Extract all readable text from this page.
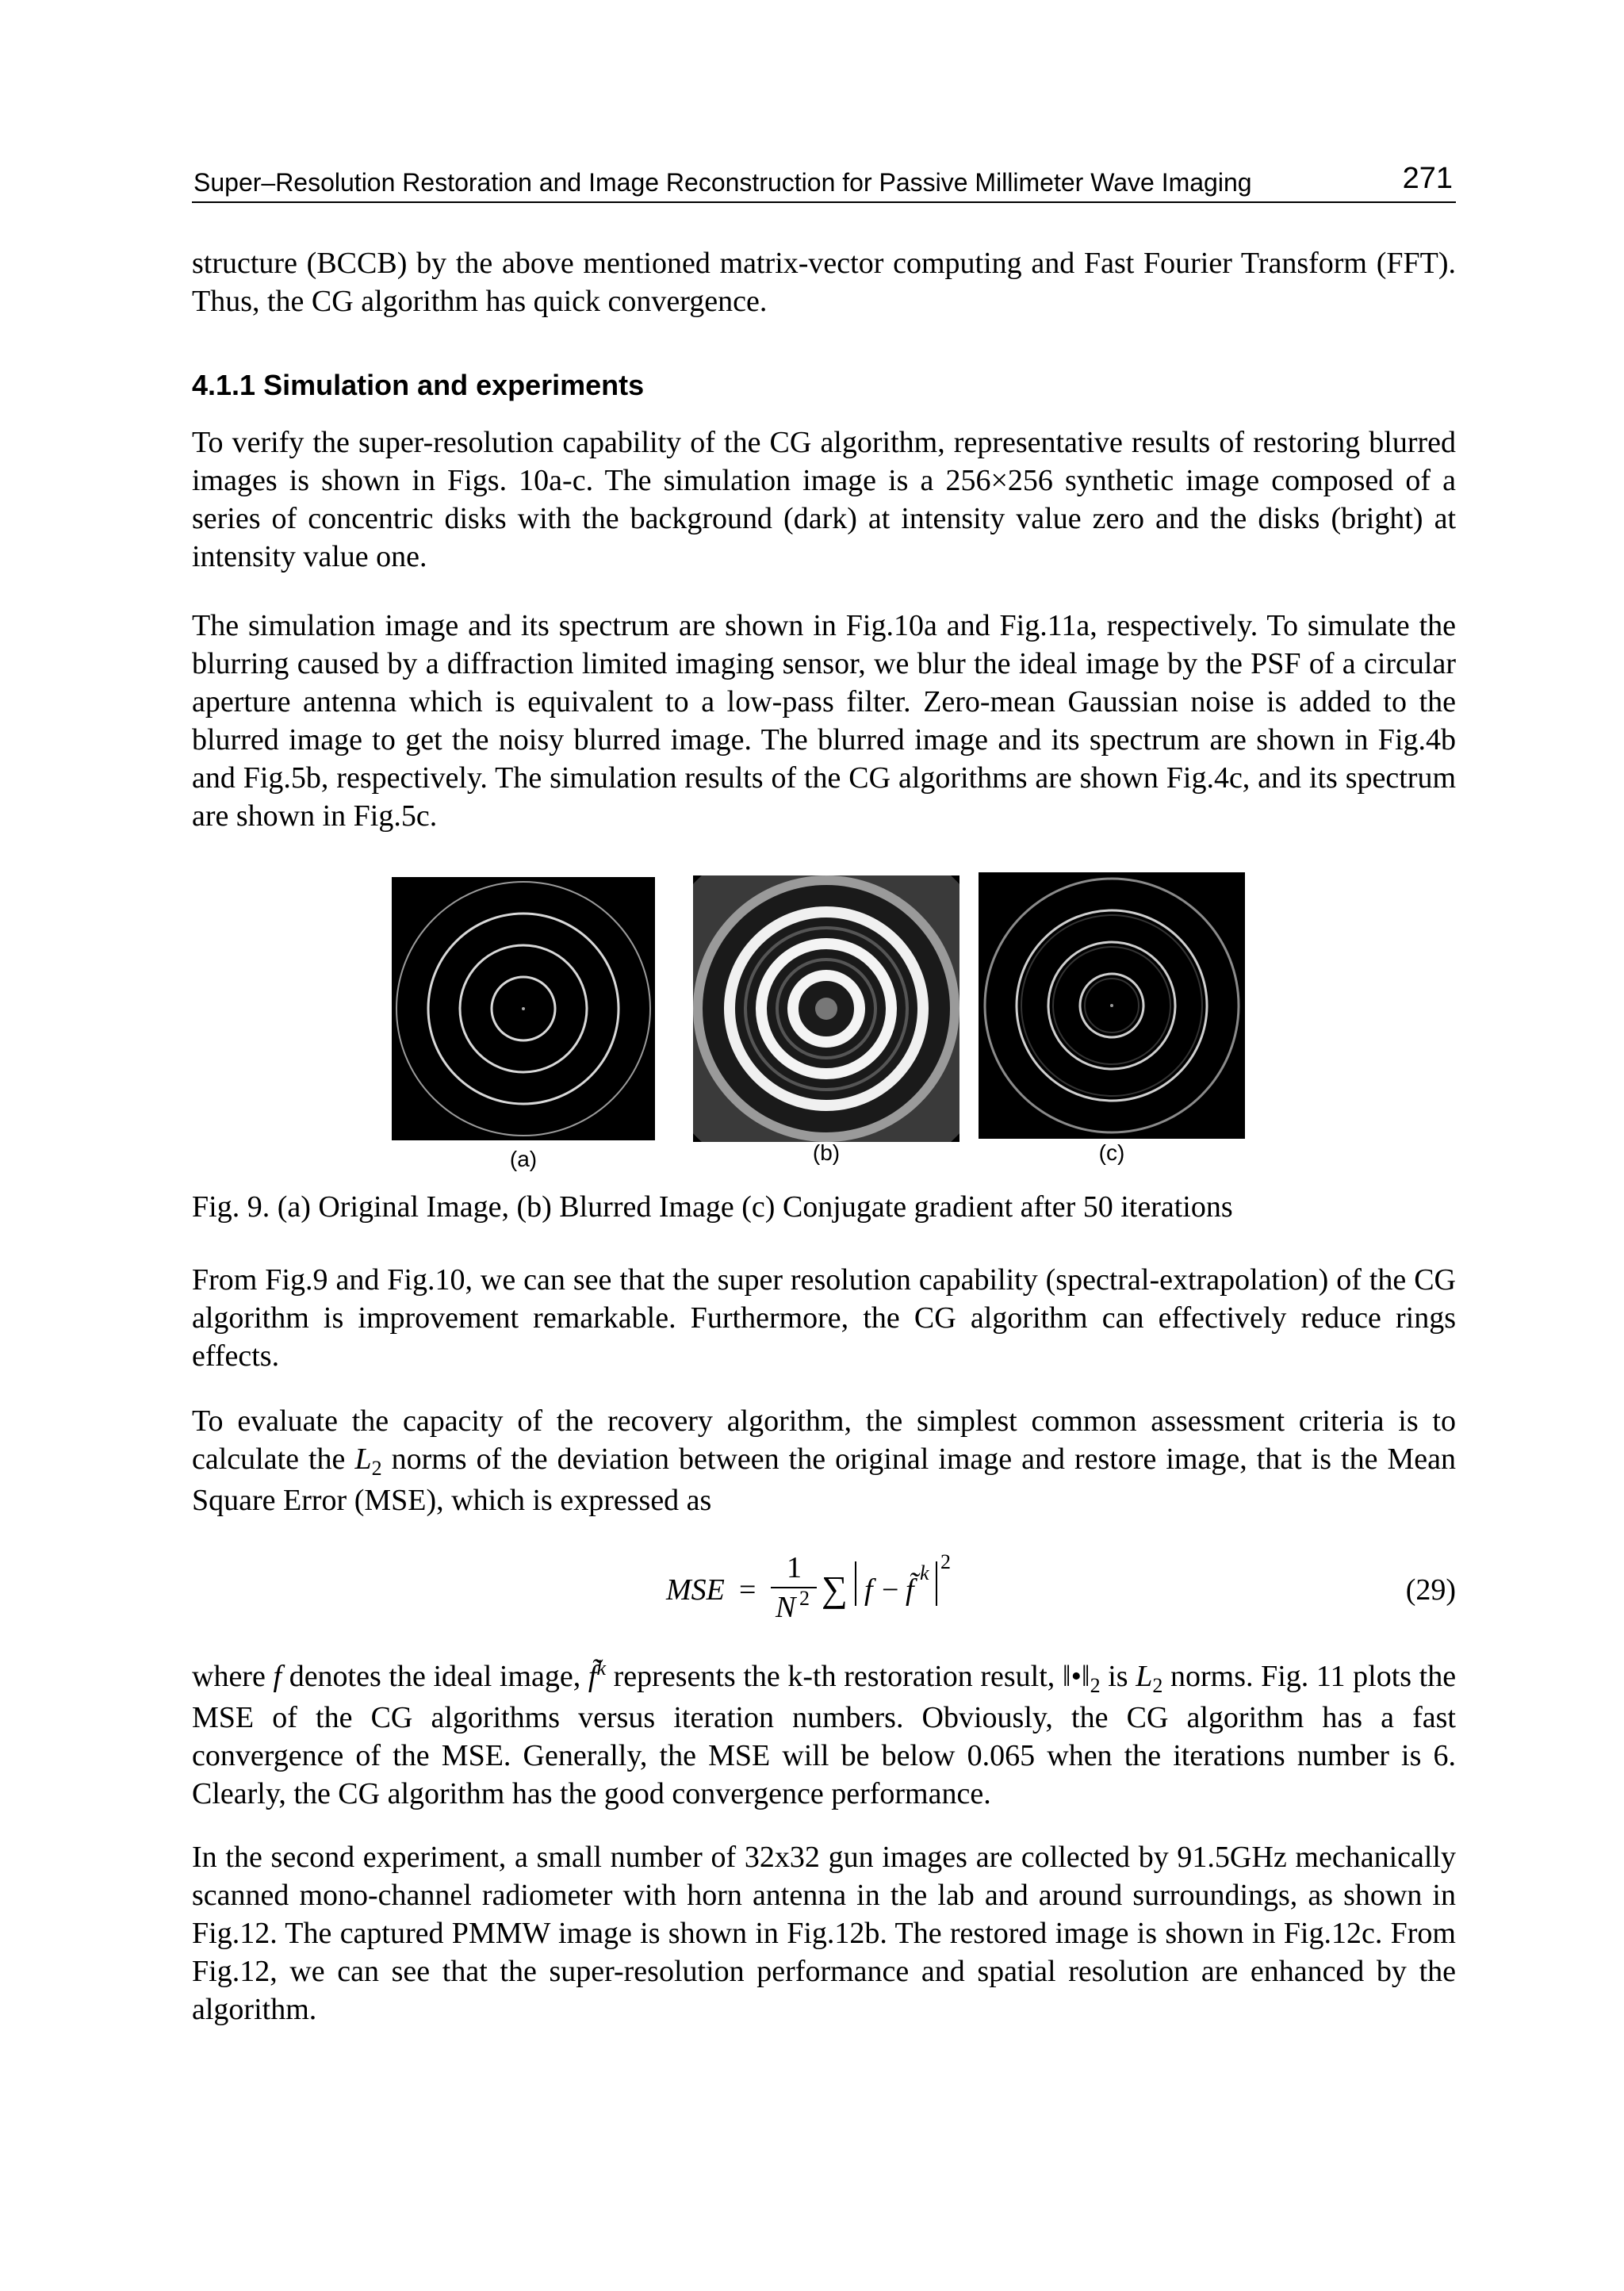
Super–Resolution Restoration and Image Reconstruction for Passive Millimeter Wave Imaging	271

structure (BCCB) by the above mentioned matrix-vector computing and Fast Fourier Transform (FFT). Thus, the CG algorithm has quick convergence.

4.1.1 Simulation and experiments

To verify the super-resolution capability of the CG algorithm, representative results of restoring blurred images is shown in Figs. 10a-c. The simulation image is a 256×256 synthetic image composed of a series of concentric disks with the background (dark) at intensity value zero and the disks (bright) at intensity value one.

The simulation image and its spectrum are shown in Fig.10a and Fig.11a, respectively. To simulate the blurring caused by a diffraction limited imaging sensor, we blur the ideal image by the PSF of a circular aperture antenna which is equivalent to a low-pass filter. Zero-mean Gaussian noise is added to the blurred image to get the noisy blurred image. The blurred image and its spectrum are shown in Fig.4b and Fig.5b, respectively. The simulation results of the CG algorithms are shown Fig.4c, and its spectrum are shown in Fig.5c.

(a)	(b)	(c)
Fig. 9. (a) Original Image, (b) Blurred Image (c) Conjugate gradient after 50 iterations

From Fig.9 and Fig.10, we can see that the super resolution capability (spectral-extrapolation) of the CG algorithm is improvement remarkable. Furthermore, the CG algorithm can effectively reduce rings effects.

To evaluate the capacity of the recovery algorithm, the simplest common assessment criteria is to calculate the $L_2$ norms of the deviation between the original image and restore image, that is the Mean Square Error (MSE), which is expressed as

MSE =
1
N 2 ∑ f − f̃
k 2
(29)

where f denotes the ideal image, f̃$^k$ represents the k-th restoration result, $‖•‖_2$ is $L_2$ norms. Fig. 11 plots the MSE of the CG algorithms versus iteration numbers. Obviously, the CG algorithm has a fast convergence of the MSE. Generally, the MSE will be below 0.065 when the iterations number is 6. Clearly, the CG algorithm has the good convergence performance.

In the second experiment, a small number of 32x32 gun images are collected by 91.5GHz mechanically scanned mono-channel radiometer with horn antenna in the lab and around surroundings, as shown in Fig.12. The captured PMMW image is shown in Fig.12b. The restored image is shown in Fig.12c. From Fig.12, we can see that the super-resolution performance and spatial resolution are enhanced by the algorithm.
